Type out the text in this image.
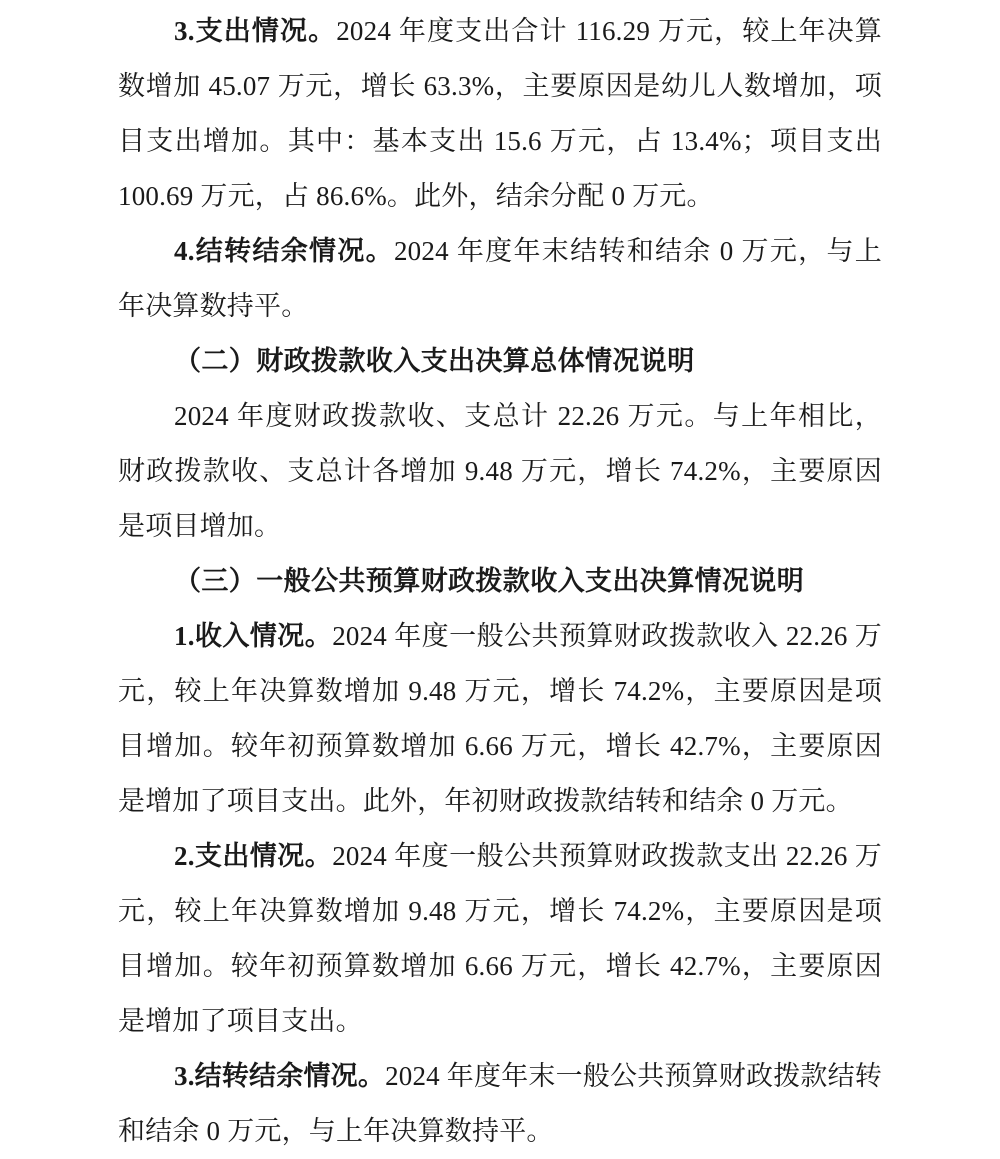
3.支出情况。2024 年度支出合计 116.29 万元，较上年决算数增加 45.07 万元，增长 63.3%，主要原因是幼儿人数增加，项目支出增加。其中：基本支出 15.6 万元，占 13.4%；项目支出 100.69 万元，占 86.6%。此外，结余分配 0 万元。

4.结转结余情况。2024 年度年末结转和结余 0 万元，与上年决算数持平。

（二）财政拨款收入支出决算总体情况说明

2024 年度财政拨款收、支总计 22.26 万元。与上年相比，财政拨款收、支总计各增加 9.48 万元，增长 74.2%，主要原因是项目增加。

（三）一般公共预算财政拨款收入支出决算情况说明

1.收入情况。2024 年度一般公共预算财政拨款收入 22.26 万元，较上年决算数增加 9.48 万元，增长 74.2%，主要原因是项目增加。较年初预算数增加 6.66 万元，增长 42.7%，主要原因是增加了项目支出。此外，年初财政拨款结转和结余 0 万元。

2.支出情况。2024 年度一般公共预算财政拨款支出 22.26 万元，较上年决算数增加 9.48 万元，增长 74.2%，主要原因是项目增加。较年初预算数增加 6.66 万元，增长 42.7%，主要原因是增加了项目支出。

3.结转结余情况。2024 年度年末一般公共预算财政拨款结转和结余 0 万元，与上年决算数持平。
